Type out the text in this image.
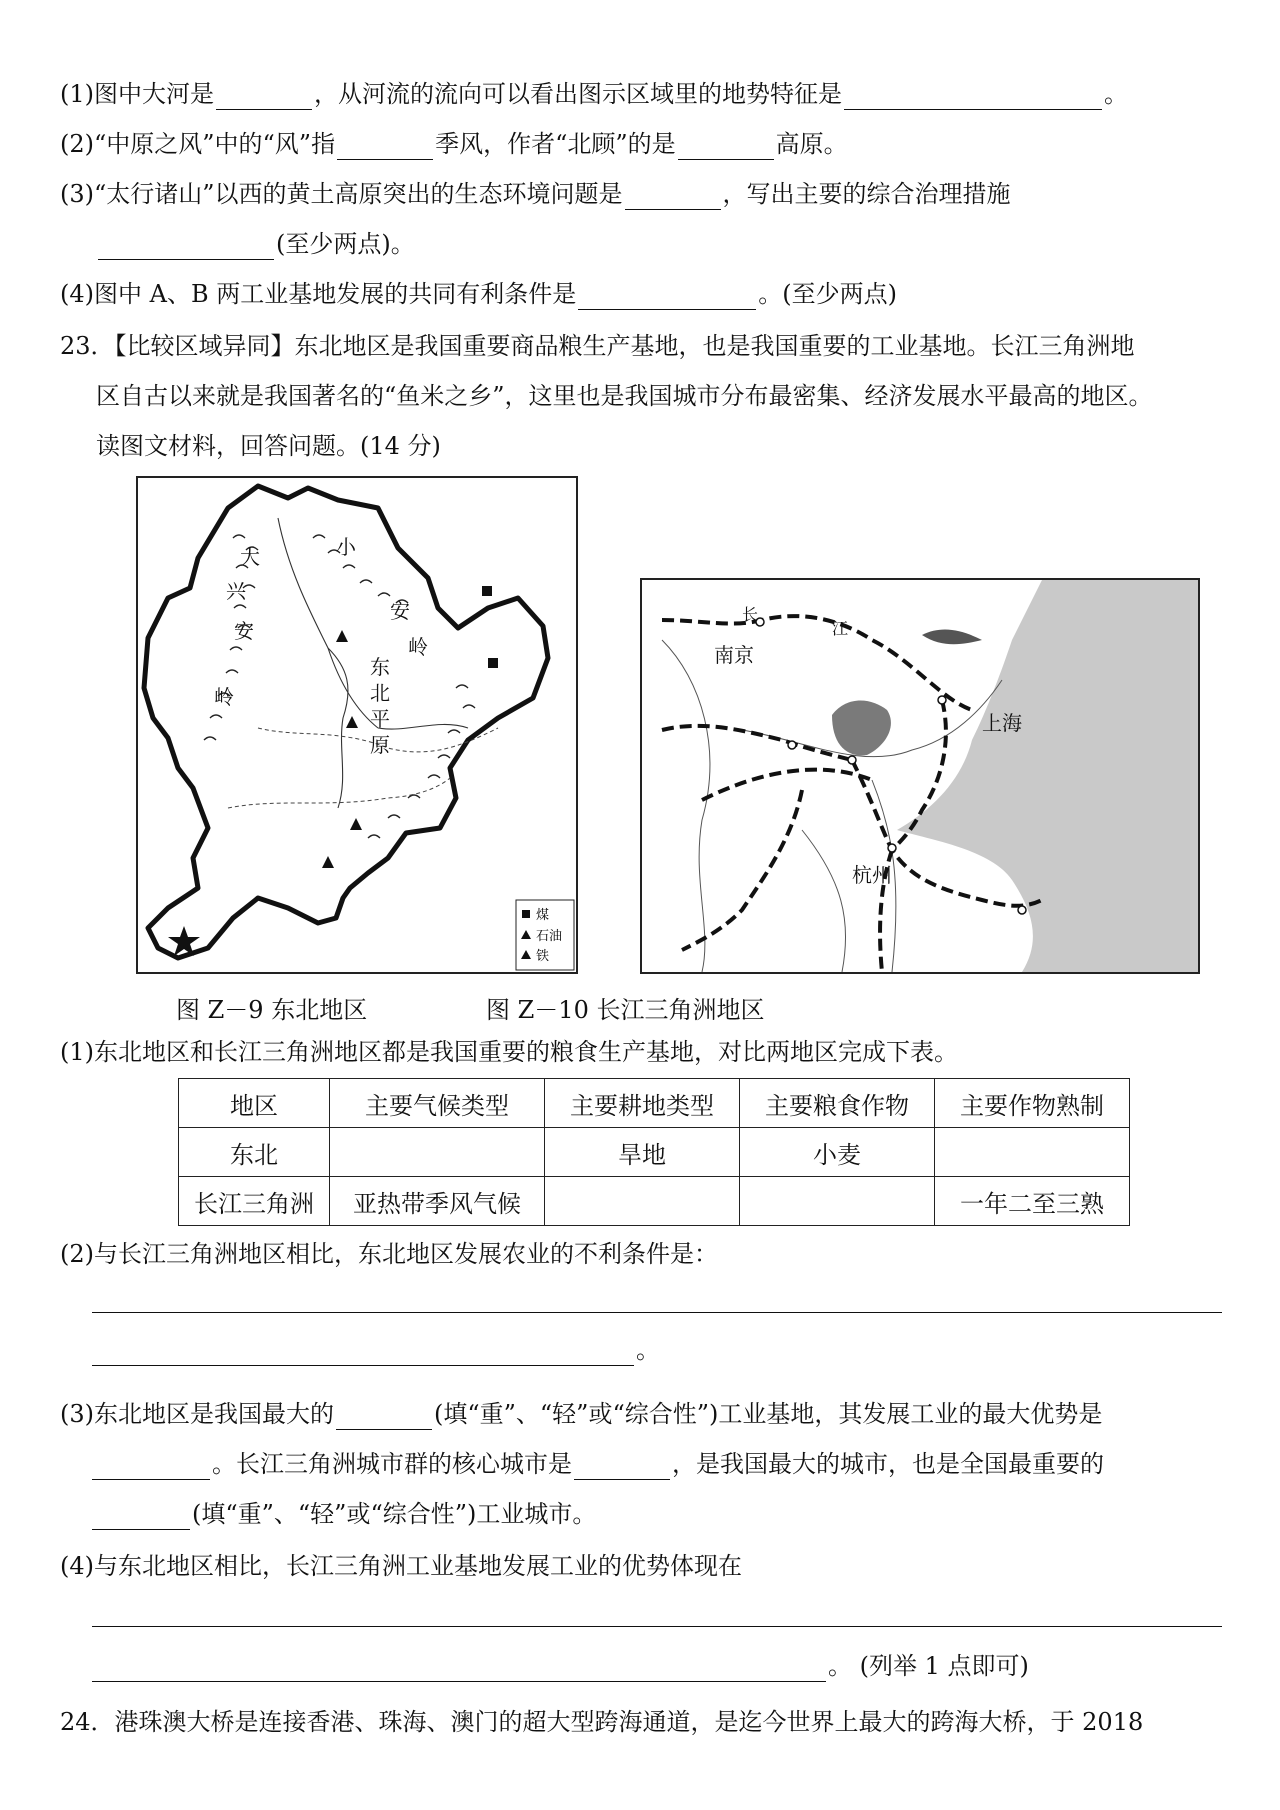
(1)图中大河是	，从河流的流向可以看出图示区域里的地势特征是	。
(2)“中原之风”中的“风”指	季风，作者“北顾”的是	高原。
(3)“太行诸山”以西的黄土高原突出的生态环境问题是	，写出主要的综合治理措施
(至少两点)。
(4)图中 A、B 两工业基地发展的共同有利条件是	。(至少两点)
23．【比较区域异同】东北地区是我国重要商品粮生产基地，也是我国重要的工业基地。长江三角洲地
区自古以来就是我国著名的“鱼米之乡”，这里也是我国城市分布最密集、经济发展水平最高的地区。
读图文材料，回答问题。(14 分)
大
兴
安
岭
小
安
岭
东
北
平
原
煤
石油
铁
长
江
南京
上海
杭州
图 Z－9 东北地区	图 Z－10 长江三角洲地区
(1)东北地区和长江三角洲地区都是我国重要的粮食生产基地，对比两地区完成下表。
地区	主要气候类型	主要耕地类型	主要粮食作物	主要作物熟制
东北		旱地	小麦	
长江三角洲	亚热带季风气候			一年二至三熟
(2)与长江三角洲地区相比，东北地区发展农业的不利条件是：
。
(3)东北地区是我国最大的	(填“重”、“轻”或“综合性”)工业基地，其发展工业的最大优势是
。长江三角洲城市群的核心城市是	，是我国最大的城市，也是全国最重要的
(填“重”、“轻”或“综合性”)工业城市。
(4)与东北地区相比，长江三角洲工业基地发展工业的优势体现在
。 (列举 1 点即可)
24．港珠澳大桥是连接香港、珠海、澳门的超大型跨海通道，是迄今世界上最大的跨海大桥，于 2018
